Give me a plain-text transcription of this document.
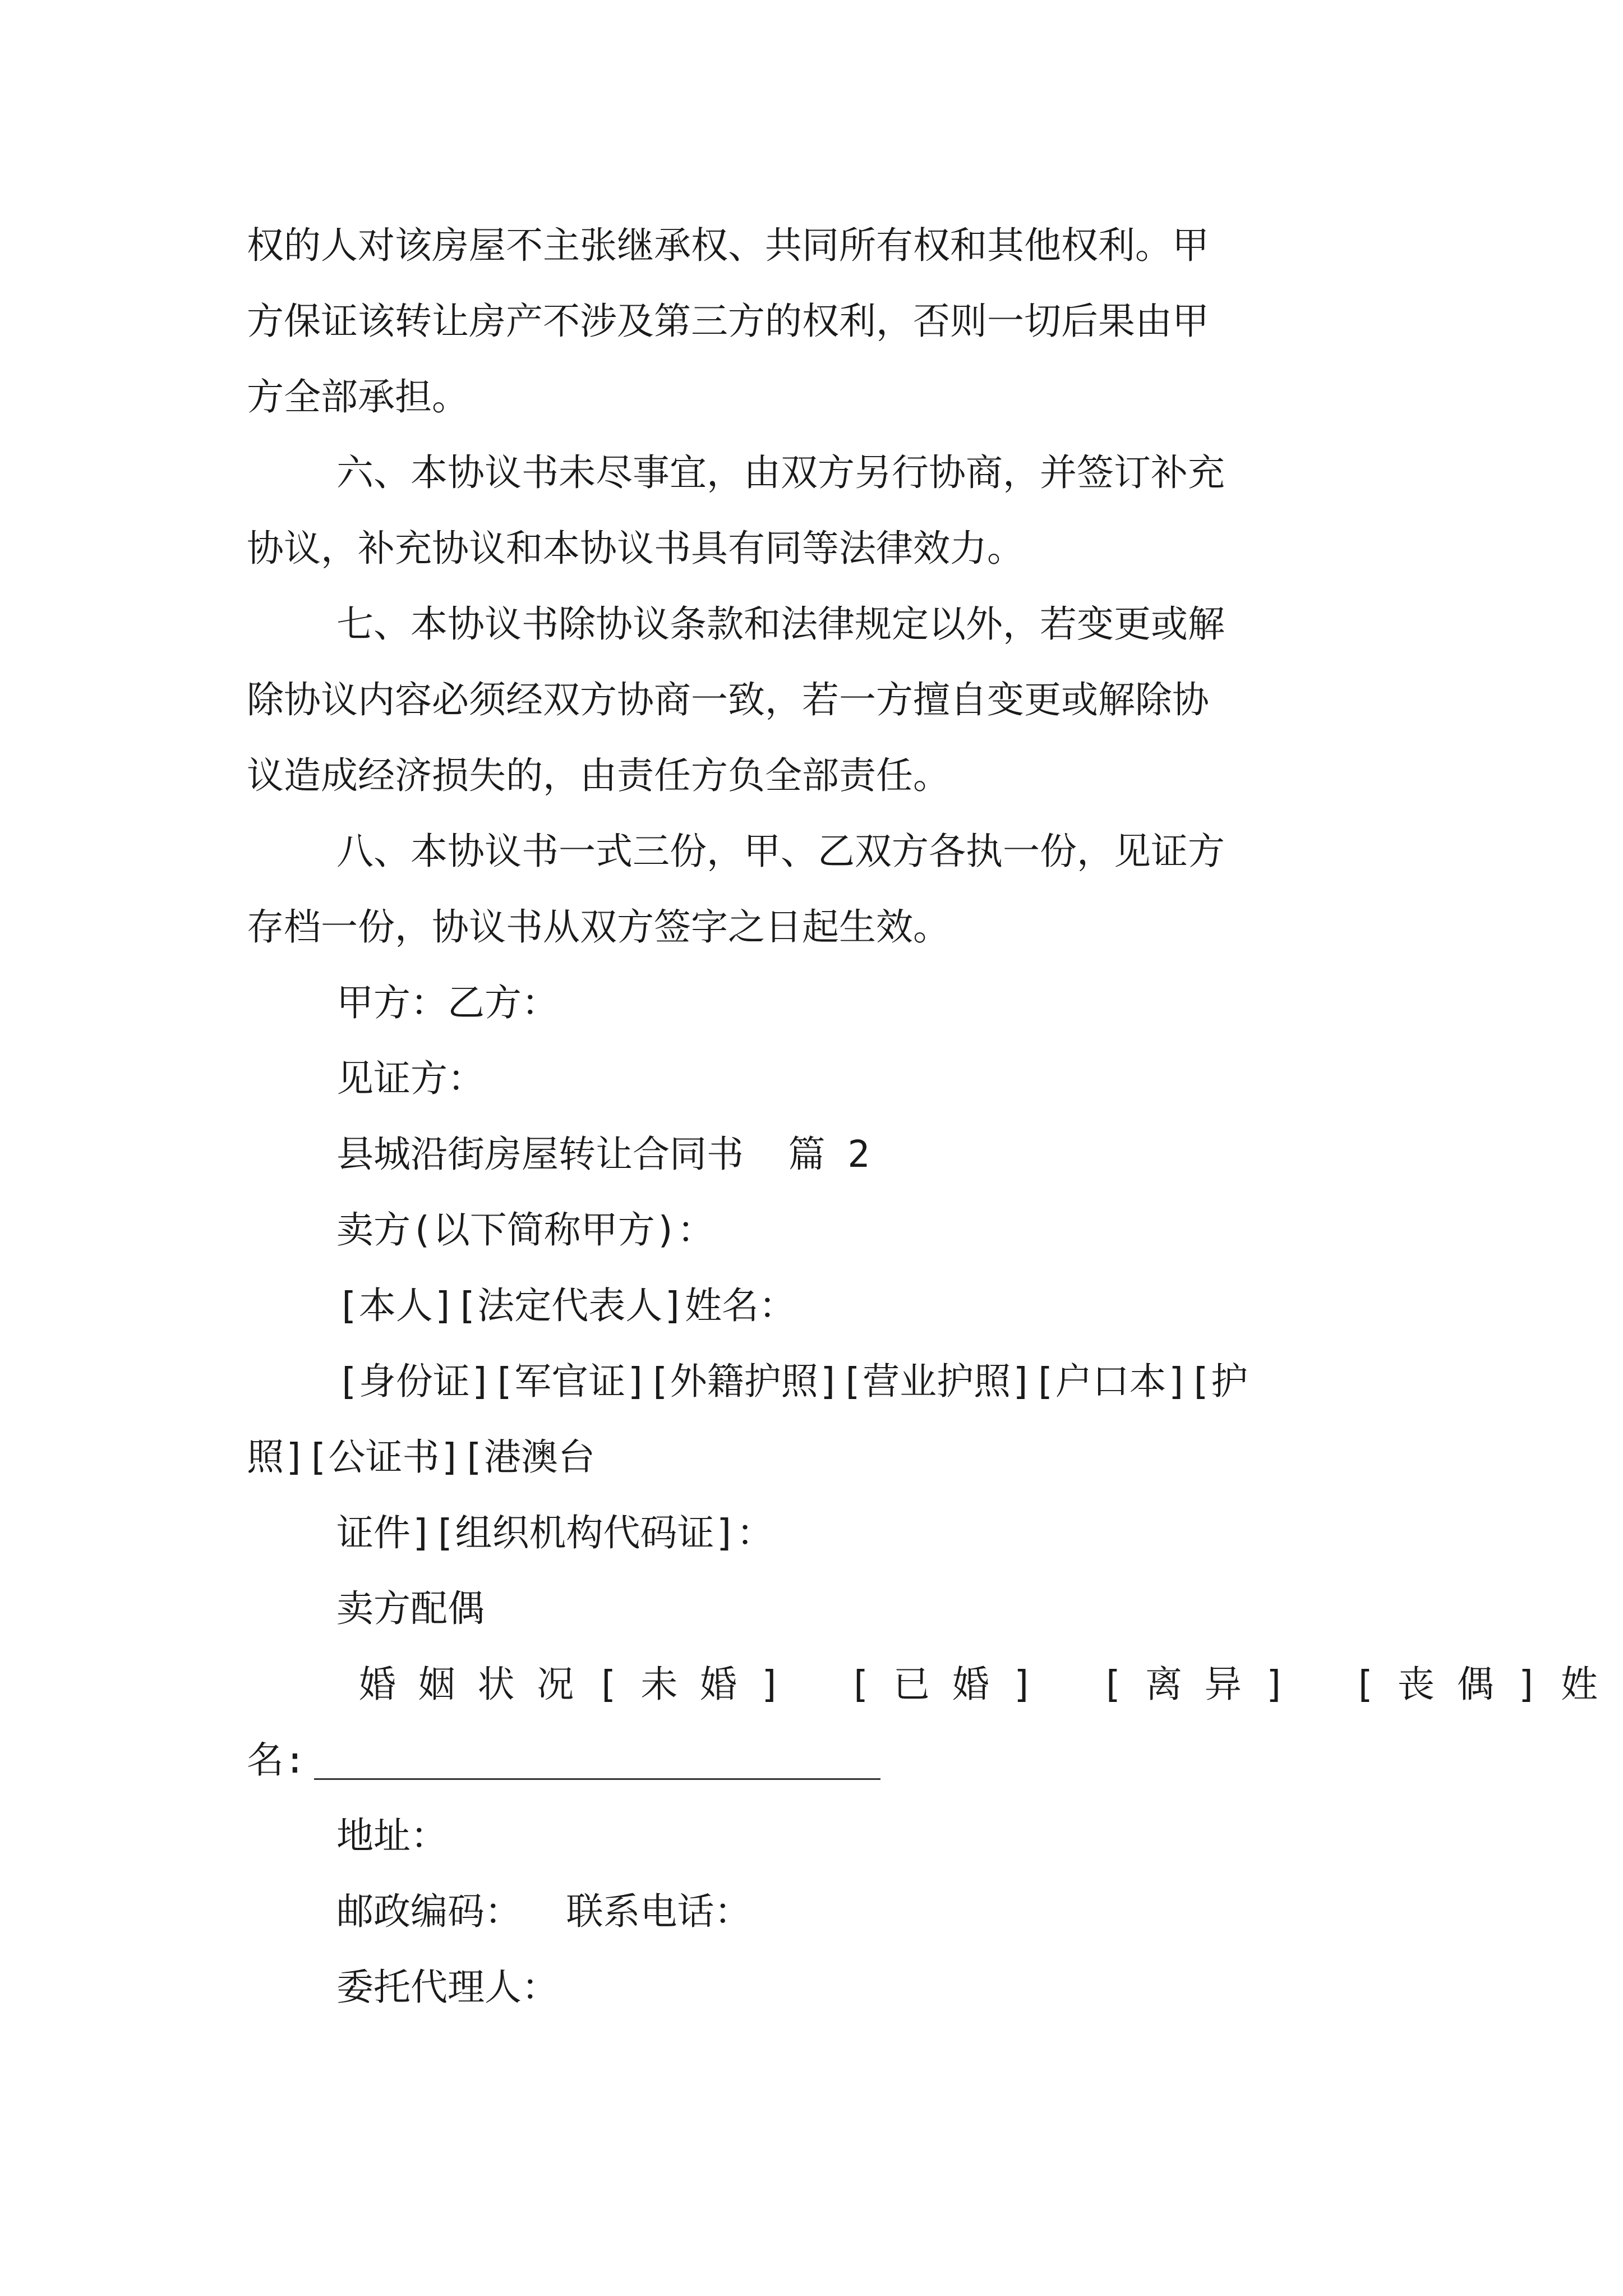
权的人对该房屋不主张继承权、共同所有权和其他权利。甲
方保证该转让房产不涉及第三方的权利，否则一切后果由甲
方全部承担。
六、本协议书未尽事宜，由双方另行协商，并签订补充
协议，补充协议和本协议书具有同等法律效力。
七、本协议书除协议条款和法律规定以外，若变更或解
除协议内容必须经双方协商一致，若一方擅自变更或解除协
议造成经济损失的，由责任方负全部责任。
八、本协议书一式三份，甲、乙双方各执一份，见证方
存档一份，协议书从双方签字之日起生效。
甲方：乙方：
见证方：
县城沿街房屋转让合同书  篇 2
卖方(以下简称甲方)：
[本人][法定代表人]姓名：
[身份证][军官证][外籍护照][营业护照][户口本][护
照][公证书][港澳台
证件][组织机构代码证]：
卖方配偶

婚 姻 状 况 [ 未 婚 ]   [ 已 婚 ]   [ 离 异 ]   [ 丧 偶 ] 姓

名:
地址：
邮政编码：  联系电话：
委托代理人：
